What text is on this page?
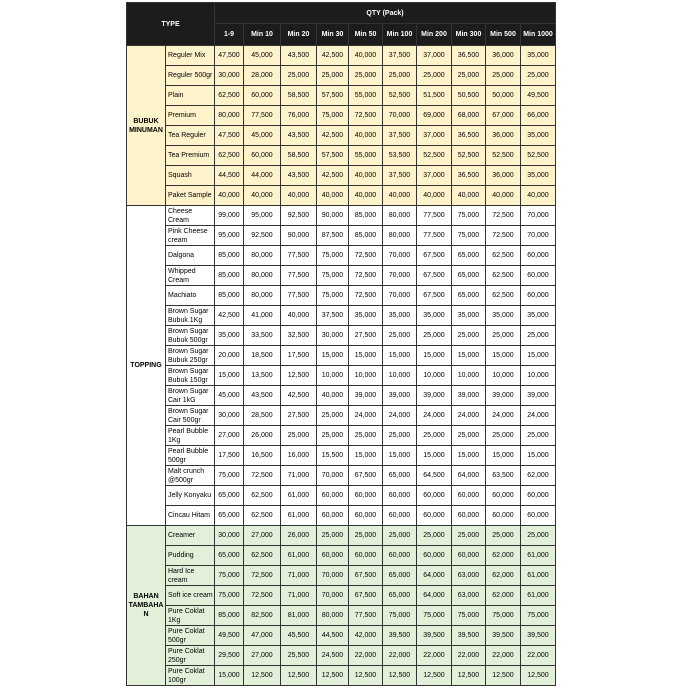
TYPE		QTY (Pack)									
		1-9	Min 10	Min 20	Min 30	Min 50	Min 100	Min 200	Min 300	Min 500	Min 1000

BUBUK
MINUMAN	Reguler Mix	47,500	45,000	43,500	42,500	40,000	37,500	37,000	36,500	36,000	35,000
	Reguler 500gr	30,000	28,000	25,000	25,000	25,000	25,000	25,000	25,000	25,000	25,000
	Plain	62,500	60,000	58,500	57,500	55,000	52,500	51,500	50,500	50,000	49,500
	Premium	80,000	77,500	76,000	75,000	72,500	70,000	69,000	68,000	67,000	66,000
	Tea Reguler	47,500	45,000	43,500	42,500	40,000	37,500	37,000	36,500	36,000	35,000
	Tea Premium	62,500	60,000	58,500	57,500	55,000	53,500	52,500	52,500	52,500	52,500
	Squash	44,500	44,000	43,500	42,500	40,000	37,500	37,000	36,500	36,000	35,000
	Paket Sample	40,000	40,000	40,000	40,000	40,000	40,000	40,000	40,000	40,000	40,000

TOPPING	Cheese Cream	99,000	95,000	92,500	90,000	85,000	80,000	77,500	75,000	72,500	70,000
	Pink Cheese cream	95,000	92,500	90,000	87,500	85,000	80,000	77,500	75,000	72,500	70,000
	Dalgona	85,000	80,000	77,500	75,000	72,500	70,000	67,500	65,000	62,500	60,000
	Whipped Cream	85,000	80,000	77,500	75,000	72,500	70,000	67,500	65,000	62,500	60,000
	Machiato	85,000	80,000	77,500	75,000	72,500	70,000	67,500	65,000	62,500	60,000
	Brown Sugar Bubuk 1Kg	42,500	41,000	40,000	37,500	35,000	35,000	35,000	35,000	35,000	35,000
	Brown Sugar Bubuk 500gr	35,000	33,500	32,500	30,000	27,500	25,000	25,000	25,000	25,000	25,000
	Brown Sugar Bubuk 250gr	20,000	18,500	17,500	15,000	15,000	15,000	15,000	15,000	15,000	15,000
	Brown Sugar Bubuk 150gr	15,000	13,500	12,500	10,000	10,000	10,000	10,000	10,000	10,000	10,000
	Brown Sugar Cair 1kG	45,000	43,500	42,500	40,000	39,000	39,000	39,000	39,000	39,000	39,000
	Brown Sugar Cair 500gr	30,000	28,500	27,500	25,000	24,000	24,000	24,000	24,000	24,000	24,000
	Pearl Bubble 1Kg	27,000	26,000	25,000	25,000	25,000	25,000	25,000	25,000	25,000	25,000
	Pearl Bubble 500gr	17,500	16,500	16,000	15,500	15,000	15,000	15,000	15,000	15,000	15,000
	Malt crunch @500gr	75,000	72,500	71,000	70,000	67,500	65,000	64,500	64,000	63,500	62,000
	Jelly Konyaku	65,000	62,500	61,000	60,000	60,000	60,000	60,000	60,000	60,000	60,000
	Cincau Hitam	65,000	62,500	61,000	60,000	60,000	60,000	60,000	60,000	60,000	60,000

BAHAN
TAMBAHA
N	Creamer	30,000	27,000	26,000	25,000	25,000	25,000	25,000	25,000	25,000	25,000
	Pudding	65,000	62,500	61,000	60,000	60,000	60,000	60,000	60,000	62,000	61,000
	Hard Ice cream	75,000	72,500	71,000	70,000	67,500	65,000	64,000	63,000	62,000	61,000
	Soft ice cream	75,000	72,500	71,000	70,000	67,500	65,000	64,000	63,000	62,000	61,000
	Pure Coklat 1Kg	85,000	82,500	81,000	80,000	77,500	75,000	75,000	75,000	75,000	75,000
	Pure Coklat 500gr	49,500	47,000	45,500	44,500	42,000	39,500	39,500	39,500	39,500	39,500
	Pure Coklat 250gr	29,500	27,000	25,500	24,500	22,000	22,000	22,000	22,000	22,000	22,000
	Pure Coklat 100gr	15,000	12,500	12,500	12,500	12,500	12,500	12,500	12,500	12,500	12,500
